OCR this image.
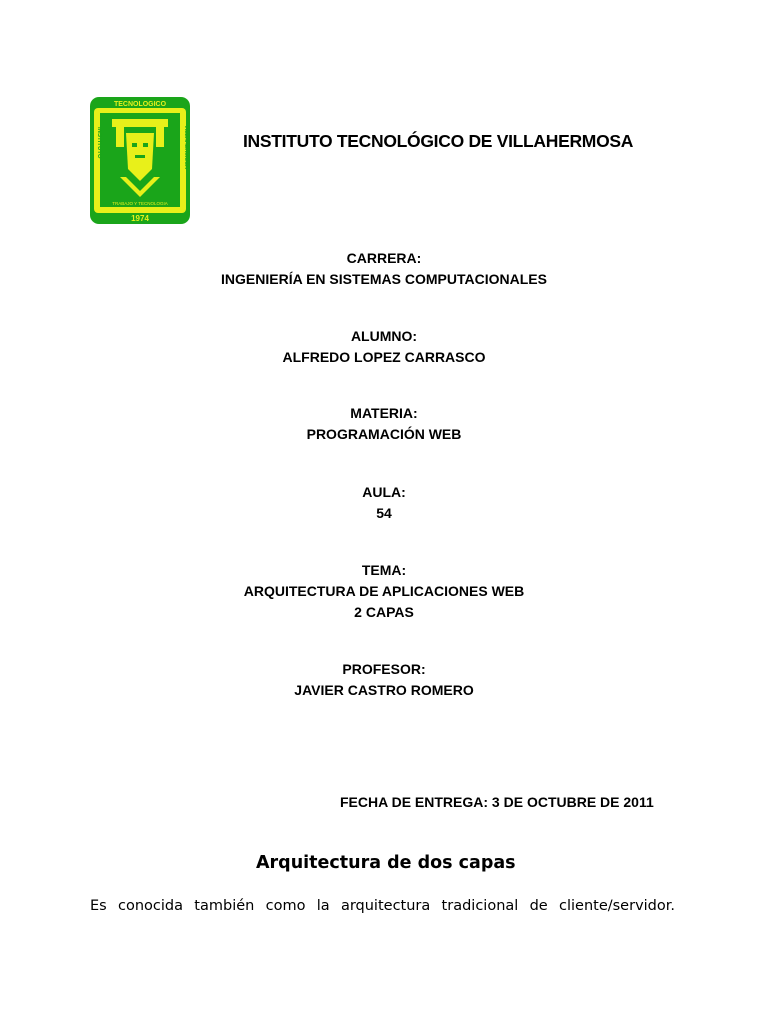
TECNOLOGICO
INSTITUTO	VILLAHERMOSA
TRABAJO Y TECNOLOGIA
1974
INSTITUTO TECNOLÓGICO DE VILLAHERMOSA
CARRERA:
INGENIERÍA EN SISTEMAS COMPUTACIONALES
ALUMNO:
ALFREDO LOPEZ CARRASCO
MATERIA:
PROGRAMACIÓN WEB
AULA:
54
TEMA:
ARQUITECTURA DE APLICACIONES WEB
2 CAPAS
PROFESOR:
JAVIER CASTRO ROMERO
FECHA DE ENTREGA: 3 DE OCTUBRE DE 2011
Arquitectura de dos capas
Es conocida también como la arquitectura tradicional de cliente/servidor.
